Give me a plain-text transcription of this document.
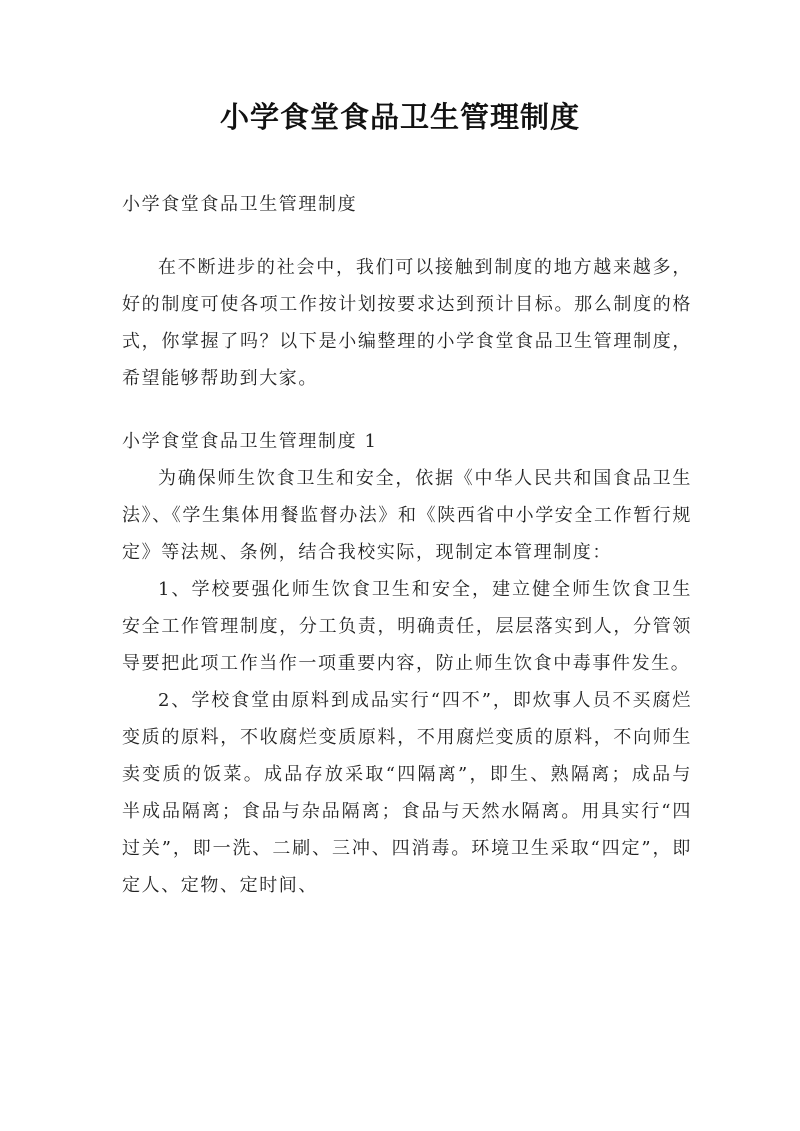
小学食堂食品卫生管理制度

小学食堂食品卫生管理制度

在不断进步的社会中，我们可以接触到制度的地方越来越多，好的制度可使各项工作按计划按要求达到预计目标。那么制度的格式，你掌握了吗？以下是小编整理的小学食堂食品卫生管理制度，希望能够帮助到大家。

小学食堂食品卫生管理制度 1

为确保师生饮食卫生和安全，依据《中华人民共和国食品卫生法》、《学生集体用餐监督办法》和《陕西省中小学安全工作暂行规定》等法规、条例，结合我校实际，现制定本管理制度：

1、学校要强化师生饮食卫生和安全，建立健全师生饮食卫生安全工作管理制度，分工负责，明确责任，层层落实到人，分管领导要把此项工作当作一项重要内容，防止师生饮食中毒事件发生。

2、学校食堂由原料到成品实行“四不”，即炊事人员不买腐烂变质的原料，不收腐烂变质原料，不用腐烂变质的原料，不向师生卖变质的饭菜。成品存放采取“四隔离”，即生、熟隔离；成品与半成品隔离；食品与杂品隔离；食品与天然水隔离。用具实行“四过关”，即一洗、二刷、三冲、四消毒。环境卫生采取“四定”，即定人、定物、定时间、
